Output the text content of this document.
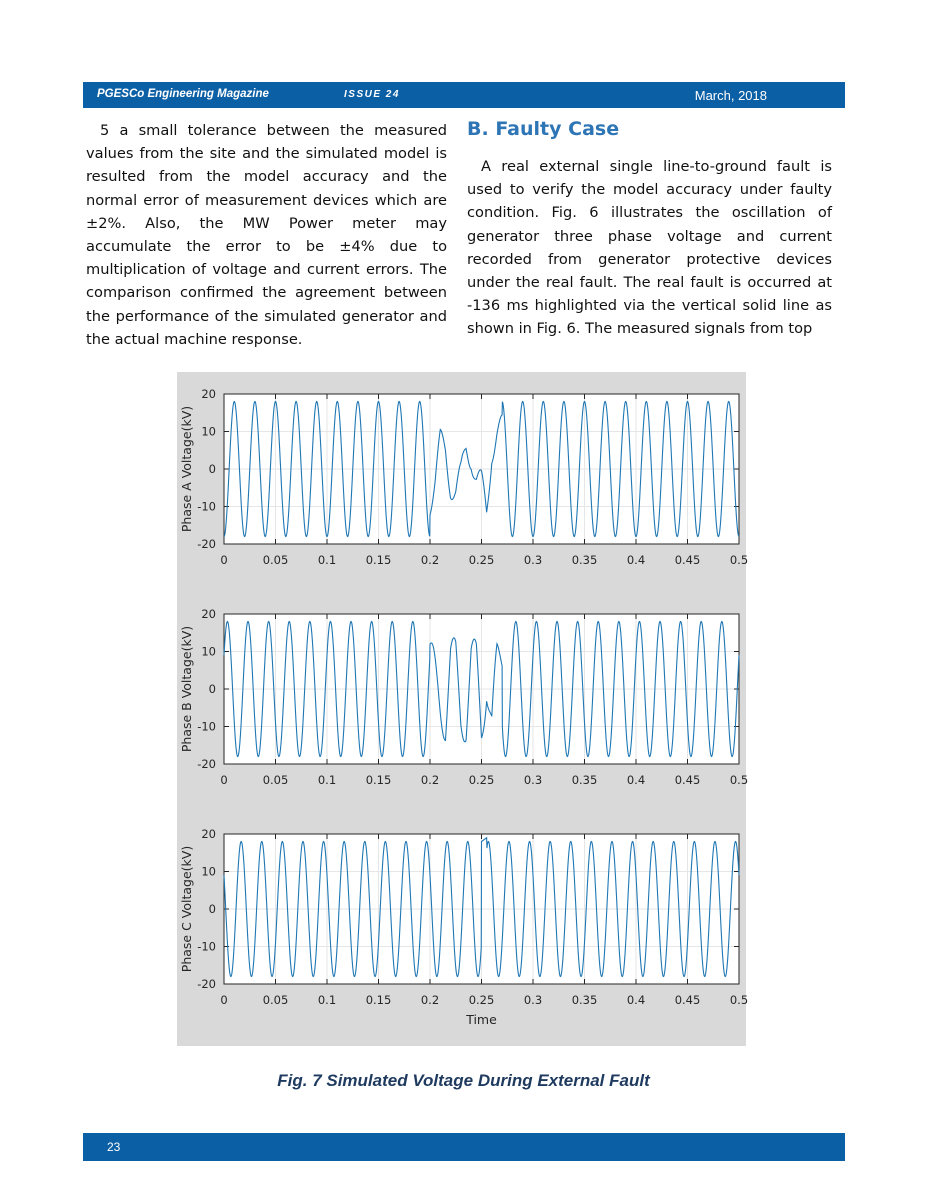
PGESCo Engineering Magazine	ISSUE 24	March, 2018
5 a small tolerance between the measured values from the site and the simulated model is resulted from the model accuracy and the normal error of measurement devices which are ±2%. Also, the MW Power meter may accumulate the error to be ±4% due to multiplication of voltage and current errors. The comparison confirmed the agreement between the performance of the simulated generator and the actual machine response.
B. Faulty Case
A real external single line-to-ground fault is used to verify the model accuracy under faulty condition. Fig. 6 illustrates the oscillation of generator three phase voltage and current recorded from generator protective devices under the real fault. The real fault is occurred at -136 ms highlighted via the vertical solid line as shown in Fig. 6. The measured signals from top
0	0.05	0.1	0.15	0.2	0.25	0.3	0.35	0.4	0.45	0.5
20
10
0
-10
-20
Phase A Voltage(kV)
0	0.05	0.1	0.15	0.2	0.25	0.3	0.35	0.4	0.45	0.5
20
10
0
-10
-20
Phase B Voltage(kV)
0	0.05	0.1	0.15	0.2	0.25	0.3	0.35	0.4	0.45	0.5
20
10
0
-10
-20
Phase C Voltage(kV)
Time
Fig. 7 Simulated Voltage During External Fault
23
